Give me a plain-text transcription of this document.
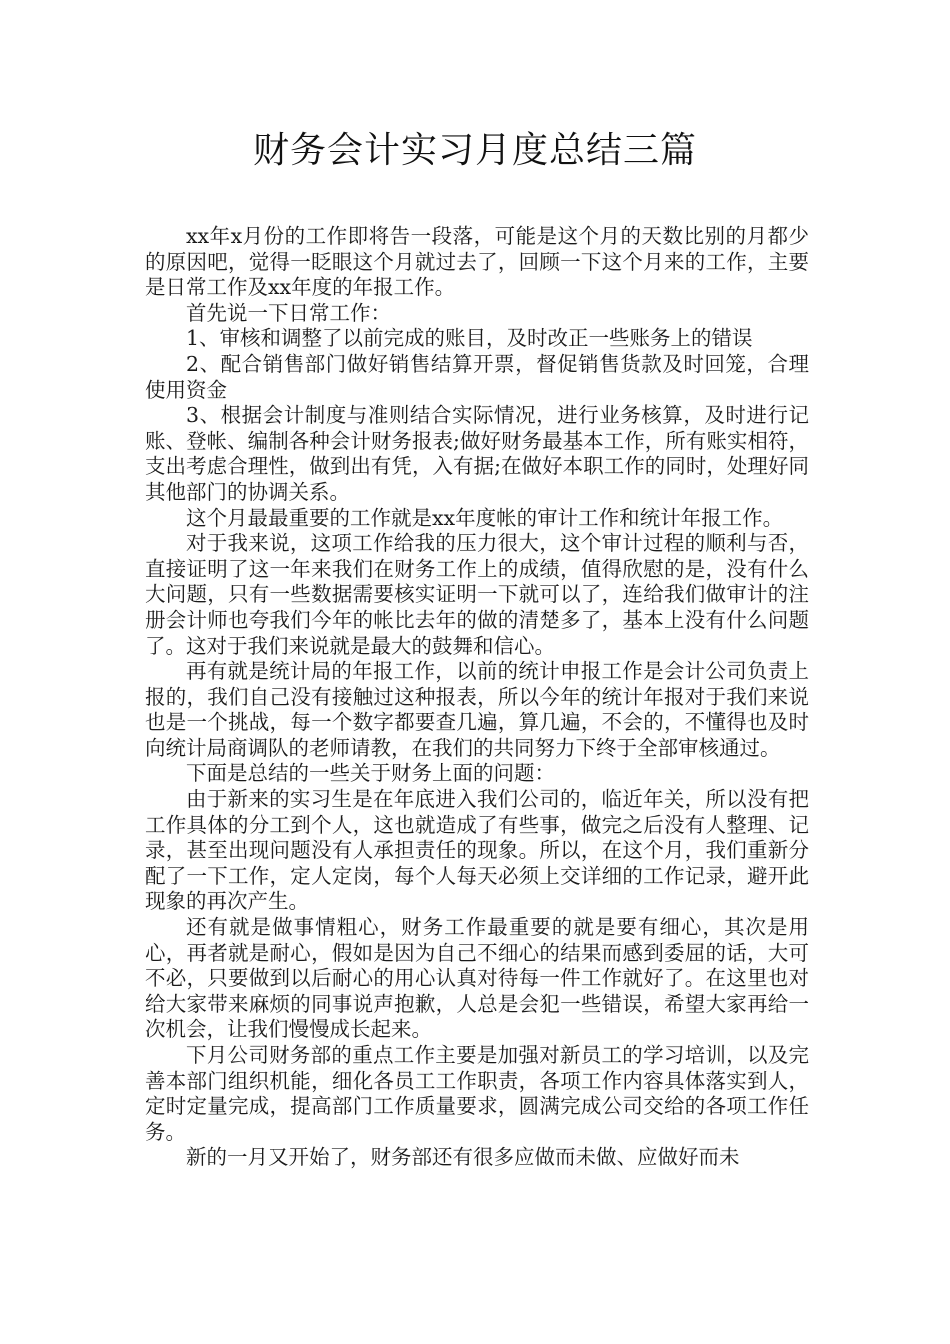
财务会计实习月度总结三篇

xx年x月份的工作即将告一段落，可能是这个月的天数比别的月都少的原因吧，觉得一眨眼这个月就过去了，回顾一下这个月来的工作，主要是日常工作及xx年度的年报工作。

首先说一下日常工作：

1、审核和调整了以前完成的账目，及时改正一些账务上的错误

2、配合销售部门做好销售结算开票，督促销售货款及时回笼，合理使用资金

3、根据会计制度与准则结合实际情况，进行业务核算，及时进行记账、登帐、编制各种会计财务报表;做好财务最基本工作，所有账实相符，支出考虑合理性，做到出有凭，入有据;在做好本职工作的同时，处理好同其他部门的协调关系。

这个月最最重要的工作就是xx年度帐的审计工作和统计年报工作。

对于我来说，这项工作给我的压力很大，这个审计过程的顺利与否，直接证明了这一年来我们在财务工作上的成绩，值得欣慰的是，没有什么大问题，只有一些数据需要核实证明一下就可以了，连给我们做审计的注册会计师也夸我们今年的帐比去年的做的清楚多了，基本上没有什么问题了。这对于我们来说就是最大的鼓舞和信心。

再有就是统计局的年报工作，以前的统计申报工作是会计公司负责上报的，我们自己没有接触过这种报表，所以今年的统计年报对于我们来说也是一个挑战，每一个数字都要查几遍，算几遍，不会的，不懂得也及时向统计局商调队的老师请教，在我们的共同努力下终于全部审核通过。

下面是总结的一些关于财务上面的问题：

由于新来的实习生是在年底进入我们公司的，临近年关，所以没有把工作具体的分工到个人，这也就造成了有些事，做完之后没有人整理、记录，甚至出现问题没有人承担责任的现象。所以，在这个月，我们重新分配了一下工作，定人定岗，每个人每天必须上交详细的工作记录，避开此现象的再次产生。

还有就是做事情粗心，财务工作最重要的就是要有细心，其次是用心，再者就是耐心，假如是因为自己不细心的结果而感到委屈的话，大可不必，只要做到以后耐心的用心认真对待每一件工作就好了。在这里也对给大家带来麻烦的同事说声抱歉，人总是会犯一些错误，希望大家再给一次机会，让我们慢慢成长起来。

下月公司财务部的重点工作主要是加强对新员工的学习培训，以及完善本部门组织机能，细化各员工工作职责，各项工作内容具体落实到人，定时定量完成，提高部门工作质量要求，圆满完成公司交给的各项工作任务。

新的一月又开始了，财务部还有很多应做而未做、应做好而未
